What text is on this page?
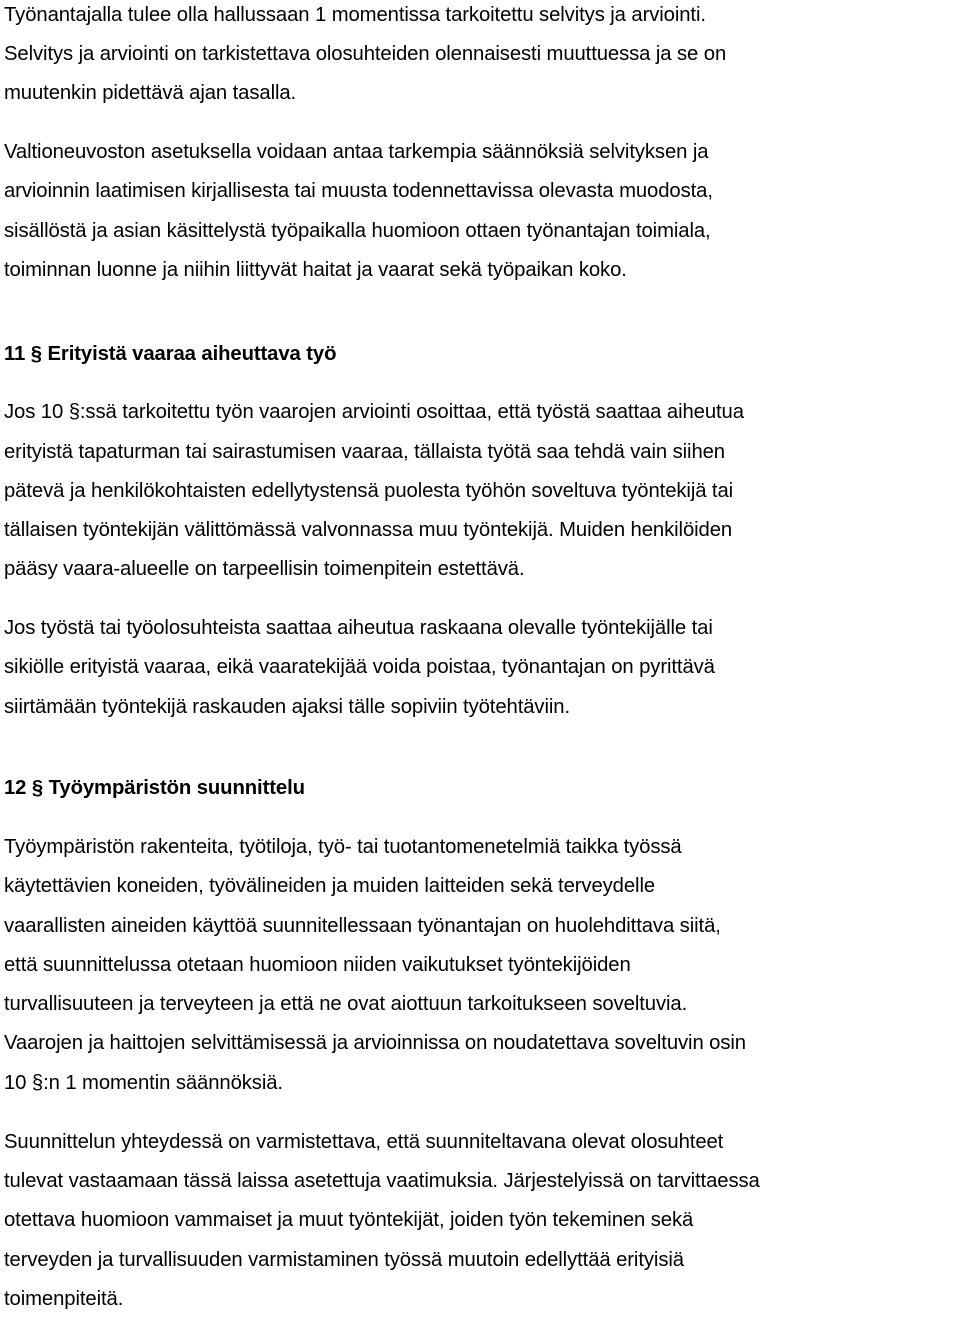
Työnantajalla tulee olla hallussaan 1 momentissa tarkoitettu selvitys ja arviointi.
Selvitys ja arviointi on tarkistettava olosuhteiden olennaisesti muuttuessa ja se on
muutenkin pidettävä ajan tasalla.
Valtioneuvoston asetuksella voidaan antaa tarkempia säännöksiä selvityksen ja
arvioinnin laatimisen kirjallisesta tai muusta todennettavissa olevasta muodosta,
sisällöstä ja asian käsittelystä työpaikalla huomioon ottaen työnantajan toimiala,
toiminnan luonne ja niihin liittyvät haitat ja vaarat sekä työpaikan koko.
11 § Erityistä vaaraa aiheuttava työ
Jos 10 §:ssä tarkoitettu työn vaarojen arviointi osoittaa, että työstä saattaa aiheutua
erityistä tapaturman tai sairastumisen vaaraa, tällaista työtä saa tehdä vain siihen
pätevä ja henkilökohtaisten edellytystensä puolesta työhön soveltuva työntekijä tai
tällaisen työntekijän välittömässä valvonnassa muu työntekijä. Muiden henkilöiden
pääsy vaara-alueelle on tarpeellisin toimenpitein estettävä.
Jos työstä tai työolosuhteista saattaa aiheutua raskaana olevalle työntekijälle tai
sikiölle erityistä vaaraa, eikä vaaratekijää voida poistaa, työnantajan on pyrittävä
siirtämään työntekijä raskauden ajaksi tälle sopiviin työtehtäviin.
12 § Työympäristön suunnittelu
Työympäristön rakenteita, työtiloja, työ- tai tuotantomenetelmiä taikka työssä
käytettävien koneiden, työvälineiden ja muiden laitteiden sekä terveydelle
vaarallisten aineiden käyttöä suunnitellessaan työnantajan on huolehdittava siitä,
että suunnittelussa otetaan huomioon niiden vaikutukset työntekijöiden
turvallisuuteen ja terveyteen ja että ne ovat aiottuun tarkoitukseen soveltuvia.
Vaarojen ja haittojen selvittämisessä ja arvioinnissa on noudatettava soveltuvin osin
10 §:n 1 momentin säännöksiä.
Suunnittelun yhteydessä on varmistettava, että suunniteltavana olevat olosuhteet
tulevat vastaamaan tässä laissa asetettuja vaatimuksia. Järjestelyissä on tarvittaessa
otettava huomioon vammaiset ja muut työntekijät, joiden työn tekeminen sekä
terveyden ja turvallisuuden varmistaminen työssä muutoin edellyttää erityisiä
toimenpiteitä.
